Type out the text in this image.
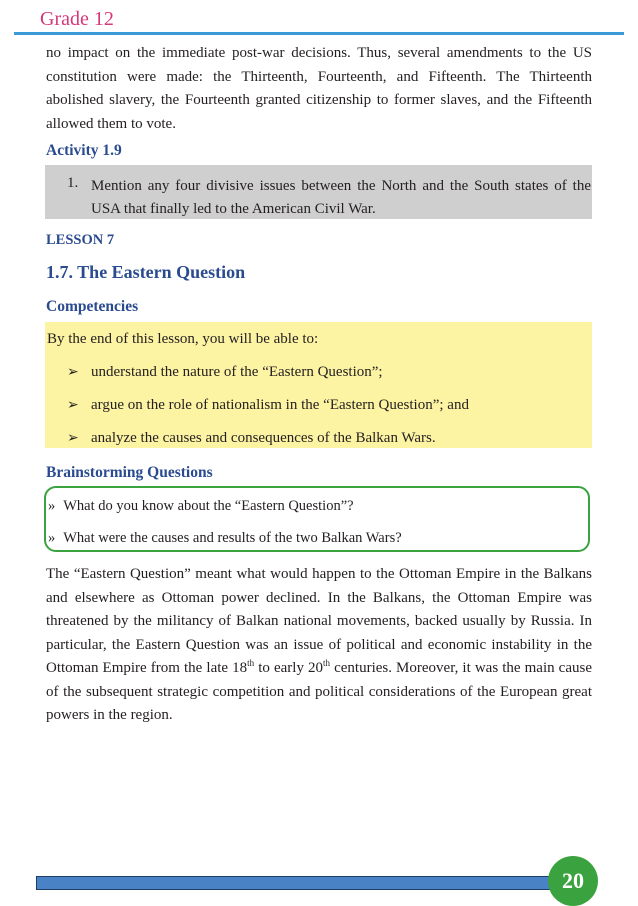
Grade 12

no impact on the immediate post-war decisions. Thus, several amendments to the US constitution were made: the Thirteenth, Fourteenth, and Fifteenth. The Thirteenth abolished slavery, the Fourteenth granted citizenship to former slaves, and the Fifteenth allowed them to vote.

Activity 1.9
1. Mention any four divisive issues between the North and the South states of the USA that finally led to the American Civil War.

LESSON 7
1.7. The Eastern Question
Competencies

By the end of this lesson, you will be able to:

➢ understand the nature of the “Eastern Question”;
➢ argue on the role of nationalism in the “Eastern Question”; and
➢ analyze the causes and consequences of the Balkan Wars.
Brainstorming Questions
» What do you know about the “Eastern Question”?
» What were the causes and results of the two Balkan Wars?

The “Eastern Question” meant what would happen to the Ottoman Empire in the Balkans and elsewhere as Ottoman power declined. In the Balkans, the Ottoman Empire was threatened by the militancy of Balkan national movements, backed usually by Russia. In particular, the Eastern Question was an issue of political and economic instability in the Ottoman Empire from the late 18th to early 20th centuries. Moreover, it was the main cause of the subsequent strategic competition and political considerations of the European great powers in the region.

20
